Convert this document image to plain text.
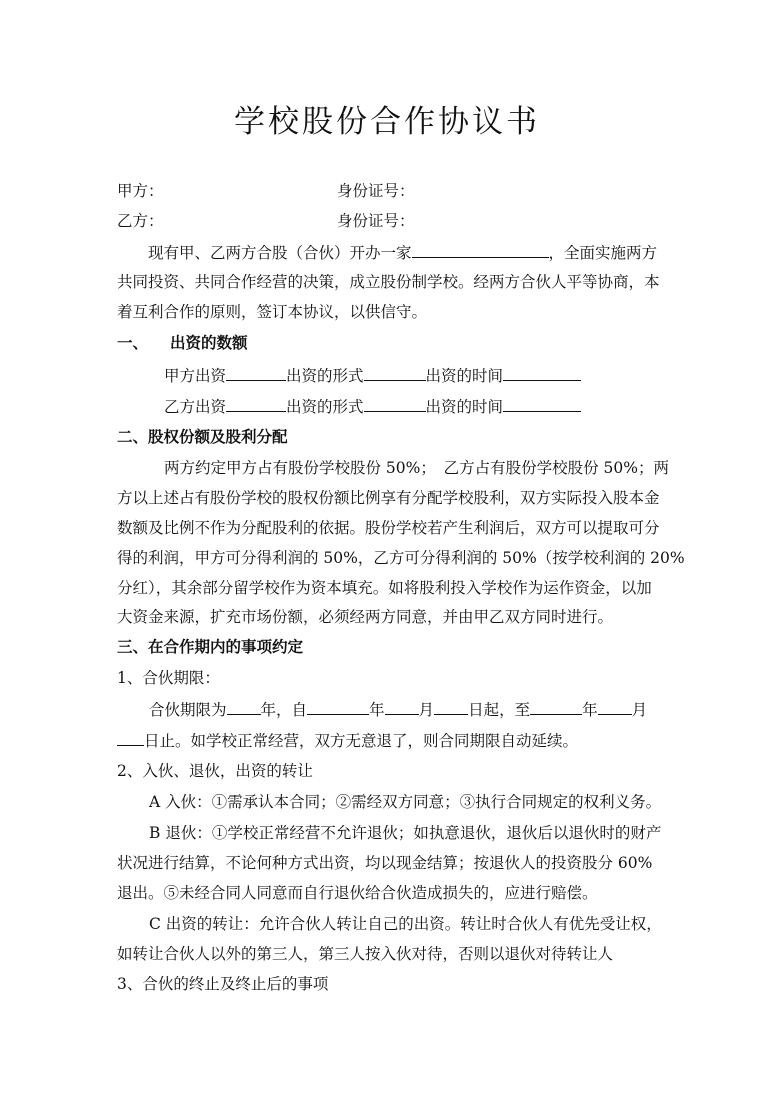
学校股份合作协议书
甲方：	身份证号：
乙方：	身份证号：
现有甲、乙两方合股（合伙）开办一家	，全面实施两方
共同投资、共同合作经营的决策，成立股份制学校。经两方合伙人平等协商，本
着互利合作的原则，签订本协议，以供信守。
一、 出资的数额
甲方出资	出资的形式	出资的时间
乙方出资	出资的形式	出资的时间
二、股权份额及股利分配
两方约定甲方占有股份学校股份 50%；　乙方占有股份学校股份 50%；两
方以上述占有股份学校的股权份额比例享有分配学校股利，双方实际投入股本金
数额及比例不作为分配股利的依据。股份学校若产生利润后，双方可以提取可分
得的利润，甲方可分得利润的 50%，乙方可分得利润的 50%（按学校利润的 20%
分红），其余部分留学校作为资本填充。如将股利投入学校作为运作资金，以加
大资金来源，扩充市场份额，必须经两方同意，并由甲乙双方同时进行。
三、在合作期内的事项约定
1、合伙期限：
合伙期限为 年，自	年 月 日起，至	年 月
日止。如学校正常经营，双方无意退了，则合同期限自动延续。
2、入伙、退伙，出资的转让
A 入伙：①需承认本合同；②需经双方同意；③执行合同规定的权利义务。
B 退伙：①学校正常经营不允许退伙；如执意退伙，退伙后以退伙时的财产
状况进行结算，不论何种方式出资，均以现金结算；按退伙人的投资股分 60%
退出。⑤未经合同人同意而自行退伙给合伙造成损失的，应进行赔偿。
C 出资的转让：允许合伙人转让自己的出资。转让时合伙人有优先受让权，
如转让合伙人以外的第三人，第三人按入伙对待，否则以退伙对待转让人
3、合伙的终止及终止后的事项
